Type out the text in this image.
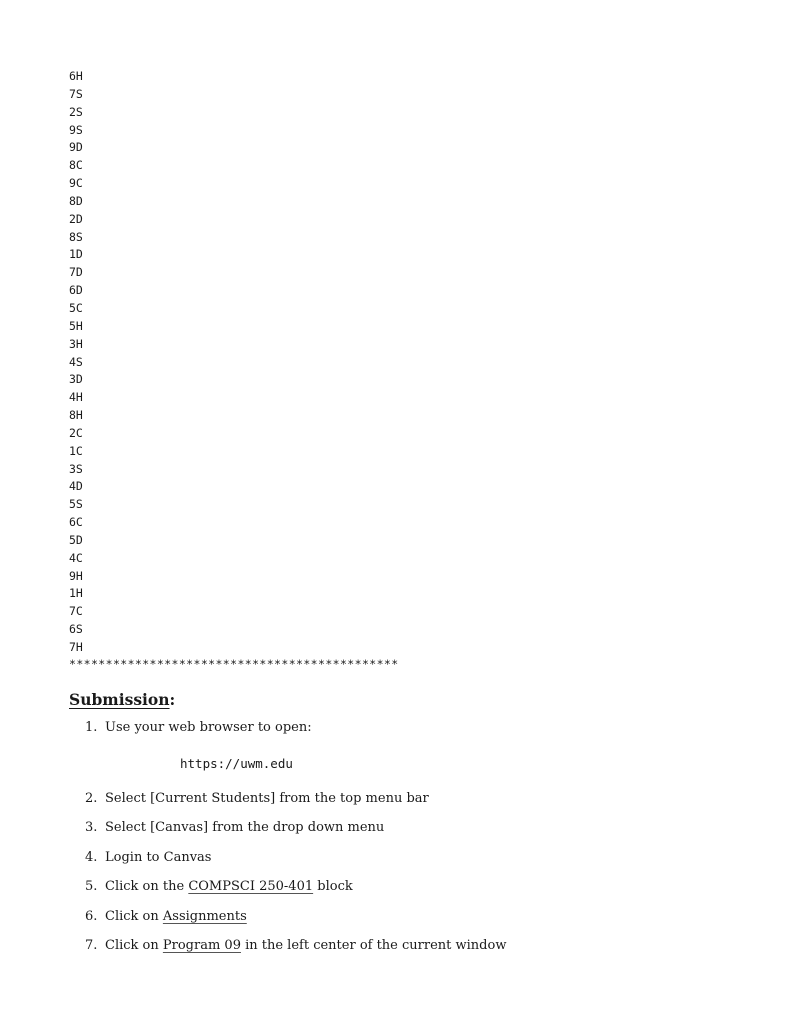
6H
7S
2S
9S
9D
8C
9C
8D
2D
8S
1D
7D
6D
5C
5H
3H
4S
3D
4H
8H
2C
1C
3S
4D
5S
6C
5D
4C
9H
1H
7C
6S
7H
*********************************************
Submission:
1. Use your web browser to open:
https://uwm.edu
2. Select [Current Students] from the top menu bar
3. Select [Canvas] from the drop down menu
4. Login to Canvas
5. Click on the COMPSCI 250-401 block
6. Click on Assignments
7. Click on Program 09 in the left center of the current window
